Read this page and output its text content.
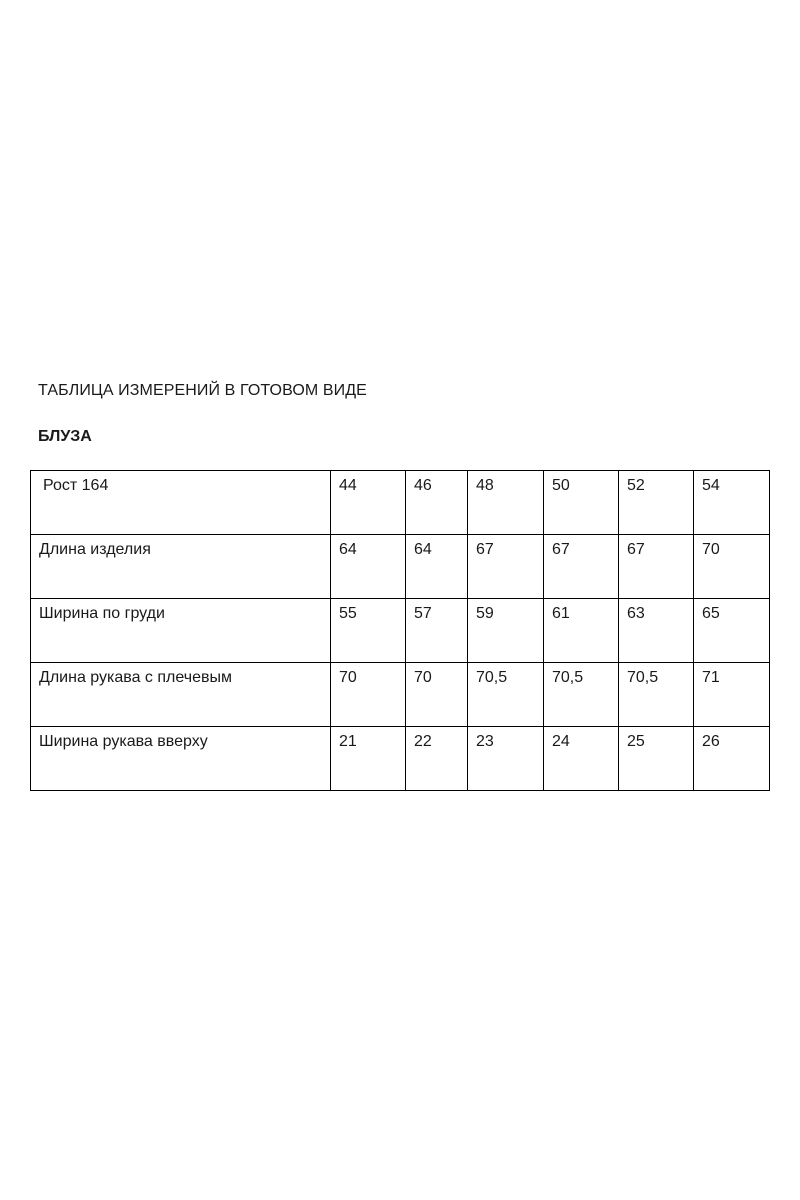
ТАБЛИЦА ИЗМЕРЕНИЙ В ГОТОВОМ ВИДЕ
БЛУЗА
Рост 164	44	46	48	50	52	54
Длина изделия	64	64	67	67	67	70
Ширина по груди	55	57	59	61	63	65
Длина рукава с плечевым	70	70	70,5	70,5	70,5	71
Ширина рукава вверху	21	22	23	24	25	26
